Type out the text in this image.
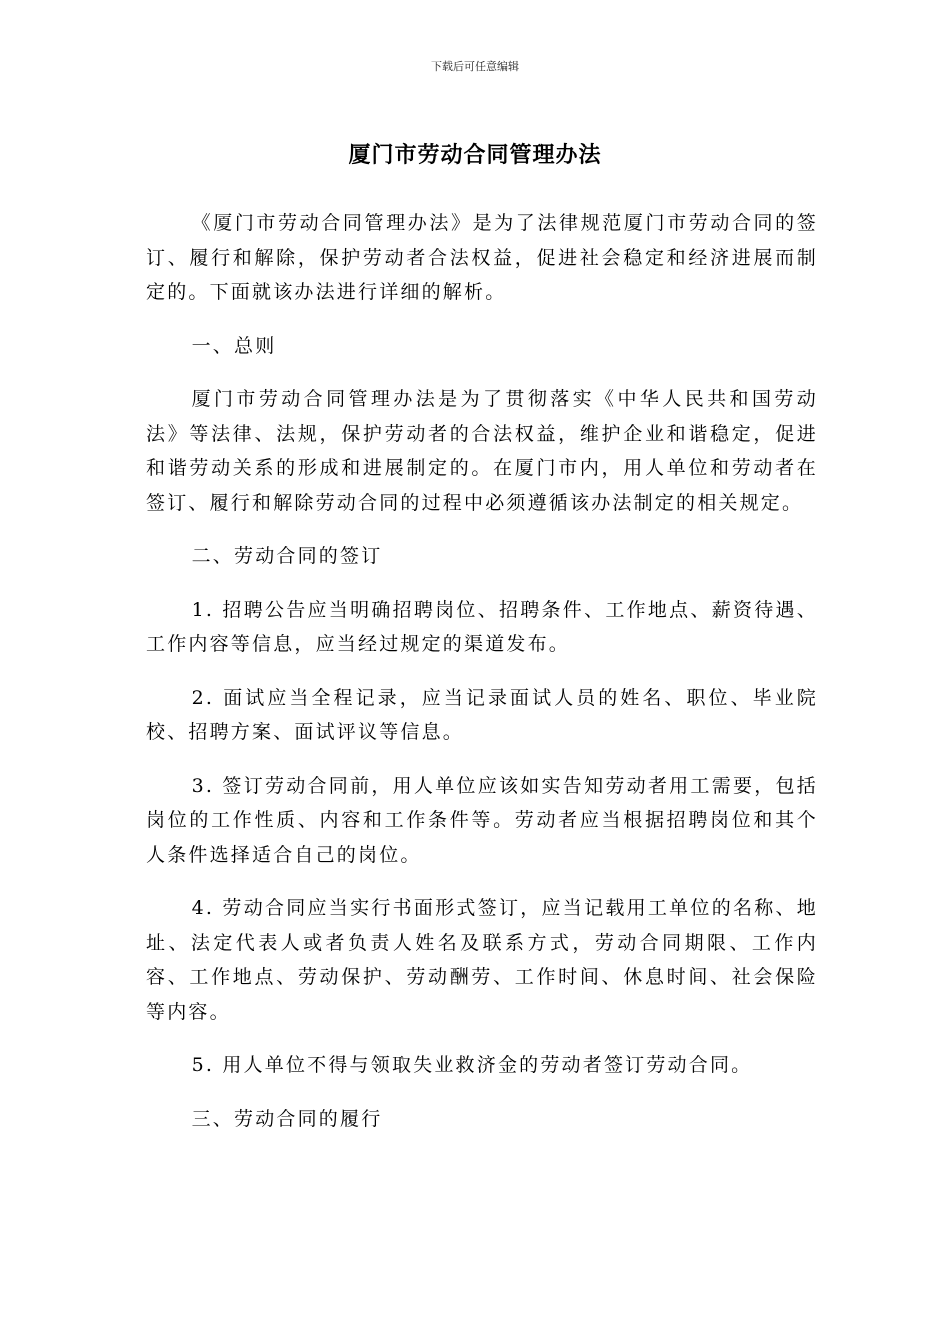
下载后可任意编辑
厦门市劳动合同管理办法

《厦门市劳动合同管理办法》是为了法律规范厦门市劳动合同的签订、履行和解除，保护劳动者合法权益，促进社会稳定和经济进展而制定的。下面就该办法进行详细的解析。

一、总则

厦门市劳动合同管理办法是为了贯彻落实《中华人民共和国劳动法》等法律、法规，保护劳动者的合法权益，维护企业和谐稳定，促进和谐劳动关系的形成和进展制定的。在厦门市内，用人单位和劳动者在签订、履行和解除劳动合同的过程中必须遵循该办法制定的相关规定。

二、劳动合同的签订

1. 招聘公告应当明确招聘岗位、招聘条件、工作地点、薪资待遇、工作内容等信息，应当经过规定的渠道发布。

2. 面试应当全程记录，应当记录面试人员的姓名、职位、毕业院校、招聘方案、面试评议等信息。

3. 签订劳动合同前，用人单位应该如实告知劳动者用工需要，包括岗位的工作性质、内容和工作条件等。劳动者应当根据招聘岗位和其个人条件选择适合自己的岗位。

4. 劳动合同应当实行书面形式签订，应当记载用工单位的名称、地址、法定代表人或者负责人姓名及联系方式，劳动合同期限、工作内容、工作地点、劳动保护、劳动酬劳、工作时间、休息时间、社会保险等内容。

5. 用人单位不得与领取失业救济金的劳动者签订劳动合同。

三、劳动合同的履行
